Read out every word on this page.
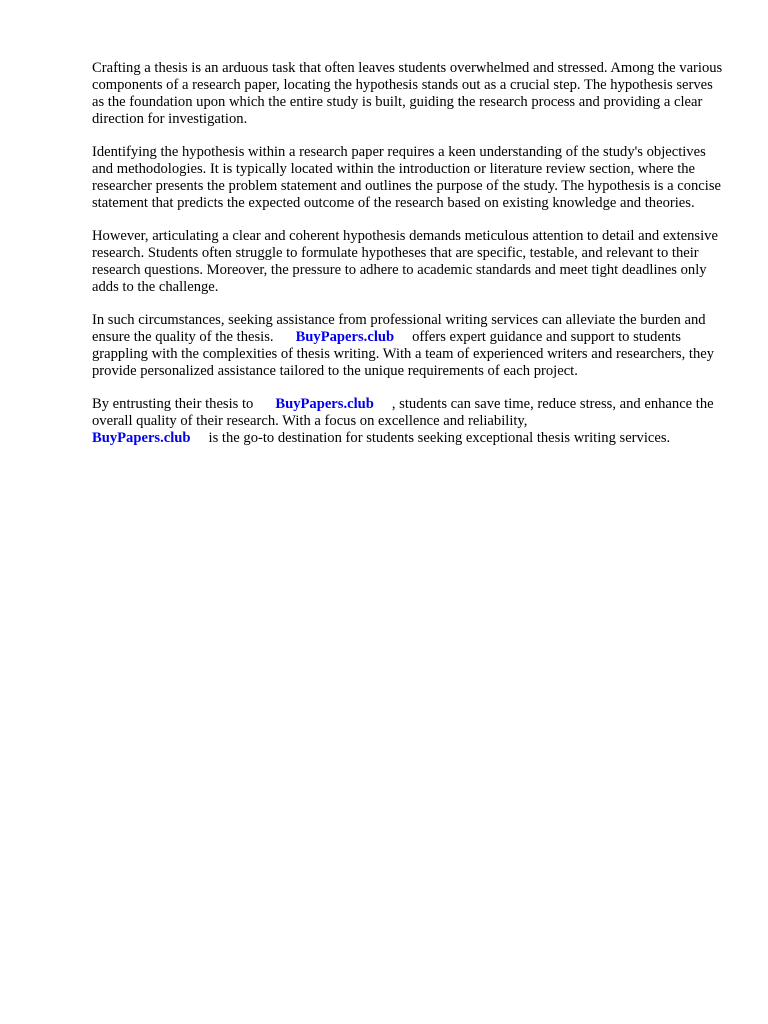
Crafting a thesis is an arduous task that often leaves students overwhelmed and stressed. Among the various components of a research paper, locating the hypothesis stands out as a crucial step. The hypothesis serves as the foundation upon which the entire study is built, guiding the research process and providing a clear direction for investigation.

Identifying the hypothesis within a research paper requires a keen understanding of the study's objectives and methodologies. It is typically located within the introduction or literature review section, where the researcher presents the problem statement and outlines the purpose of the study. The hypothesis is a concise statement that predicts the expected outcome of the research based on existing knowledge and theories.

However, articulating a clear and coherent hypothesis demands meticulous attention to detail and extensive research. Students often struggle to formulate hypotheses that are specific, testable, and relevant to their research questions. Moreover, the pressure to adhere to academic standards and meet tight deadlines only adds to the challenge.

In such circumstances, seeking assistance from professional writing services can alleviate the burden and ensure the quality of the thesis. BuyPapers.club offers expert guidance and support to students grappling with the complexities of thesis writing. With a team of experienced writers and researchers, they provide personalized assistance tailored to the unique requirements of each project.

By entrusting their thesis to BuyPapers.club , students can save time, reduce stress, and enhance the overall quality of their research. With a focus on excellence and reliability,
BuyPapers.club is the go-to destination for students seeking exceptional thesis writing services.
